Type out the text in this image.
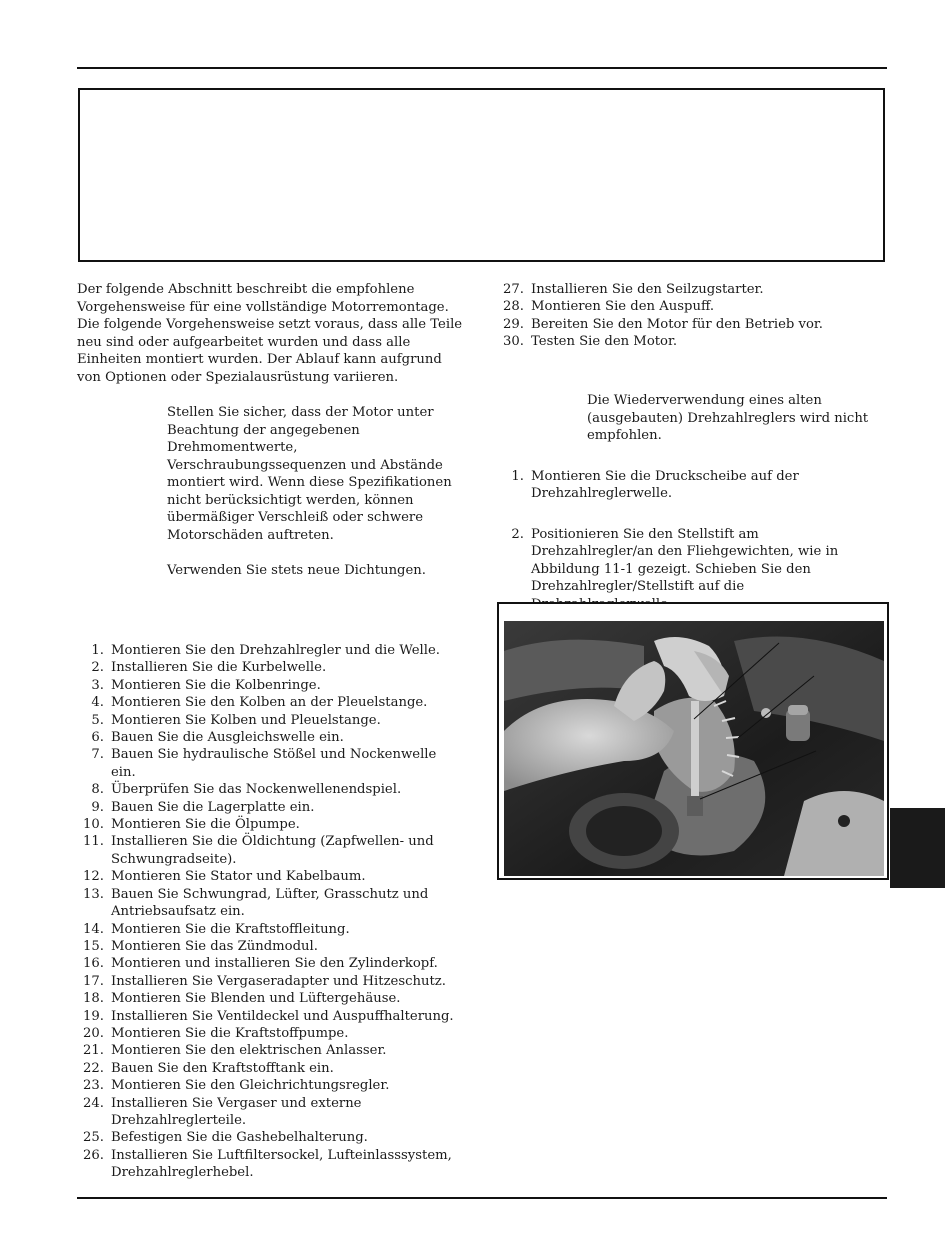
Der folgende Abschnitt beschreibt die empfohlene Vorgehensweise für eine vollständige Motorremontage. Die folgende Vorgehensweise setzt voraus, dass alle Teile neu sind oder aufgearbeitet wurden und dass alle Einheiten montiert wurden. Der Ablauf kann aufgrund von Optionen oder Spezialausrüstung variieren.

Stellen Sie sicher, dass der Motor unter Beachtung der angegebenen Drehmomentwerte, Verschraubungssequenzen und Abstände montiert wird. Wenn diese Spezifikationen nicht berücksichtigt werden, können übermäßiger Verschleiß oder schwere Motorschäden auftreten.

Verwenden Sie stets neue Dichtungen.

1. Montieren Sie den Drehzahlregler und die Welle.
2. Installieren Sie die Kurbelwelle.
3. Montieren Sie die Kolbenringe.
4. Montieren Sie den Kolben an der Pleuelstange.
5. Montieren Sie Kolben und Pleuelstange.
6. Bauen Sie die Ausgleichswelle ein.
7. Bauen Sie hydraulische Stößel und Nockenwelle ein.
8. Überprüfen Sie das Nockenwellenendspiel.
9. Bauen Sie die Lagerplatte ein.
10. Montieren Sie die Ölpumpe.
11. Installieren Sie die Öldichtung (Zapfwellen- und Schwungradseite).
12. Montieren Sie Stator und Kabelbaum.
13. Bauen Sie Schwungrad, Lüfter, Grasschutz und Antriebsaufsatz ein.
14. Montieren Sie die Kraftstoffleitung.
15. Montieren Sie das Zündmodul.
16. Montieren und installieren Sie den Zylinderkopf.
17. Installieren Sie Vergaseradapter und Hitzeschutz.
18. Montieren Sie Blenden und Lüftergehäuse.
19. Installieren Sie Ventildeckel und Auspuffhalterung.
20. Montieren Sie die Kraftstoffpumpe.
21. Montieren Sie den elektrischen Anlasser.
22. Bauen Sie den Kraftstofftank ein.
23. Montieren Sie den Gleichrichtungsregler.
24. Installieren Sie Vergaser und externe Drehzahlreglerteile.
25. Befestigen Sie die Gashebelhalterung.
26. Installieren Sie Luftfiltersockel, Lufteinlasssystem, Drehzahlreglerhebel.
27. Installieren Sie den Seilzugstarter.
28. Montieren Sie den Auspuff.
29. Bereiten Sie den Motor für den Betrieb vor.
30. Testen Sie den Motor.

Die Wiederverwendung eines alten (ausgebauten) Drehzahlreglers wird nicht empfohlen.

1. Montieren Sie die Druckscheibe auf der Drehzahlreglerwelle.
2. Positionieren Sie den Stellstift am Drehzahlregler/an den Fliehgewichten, wie in Abbildung 11-1 gezeigt. Schieben Sie den Drehzahlregler/Stellstift auf die
